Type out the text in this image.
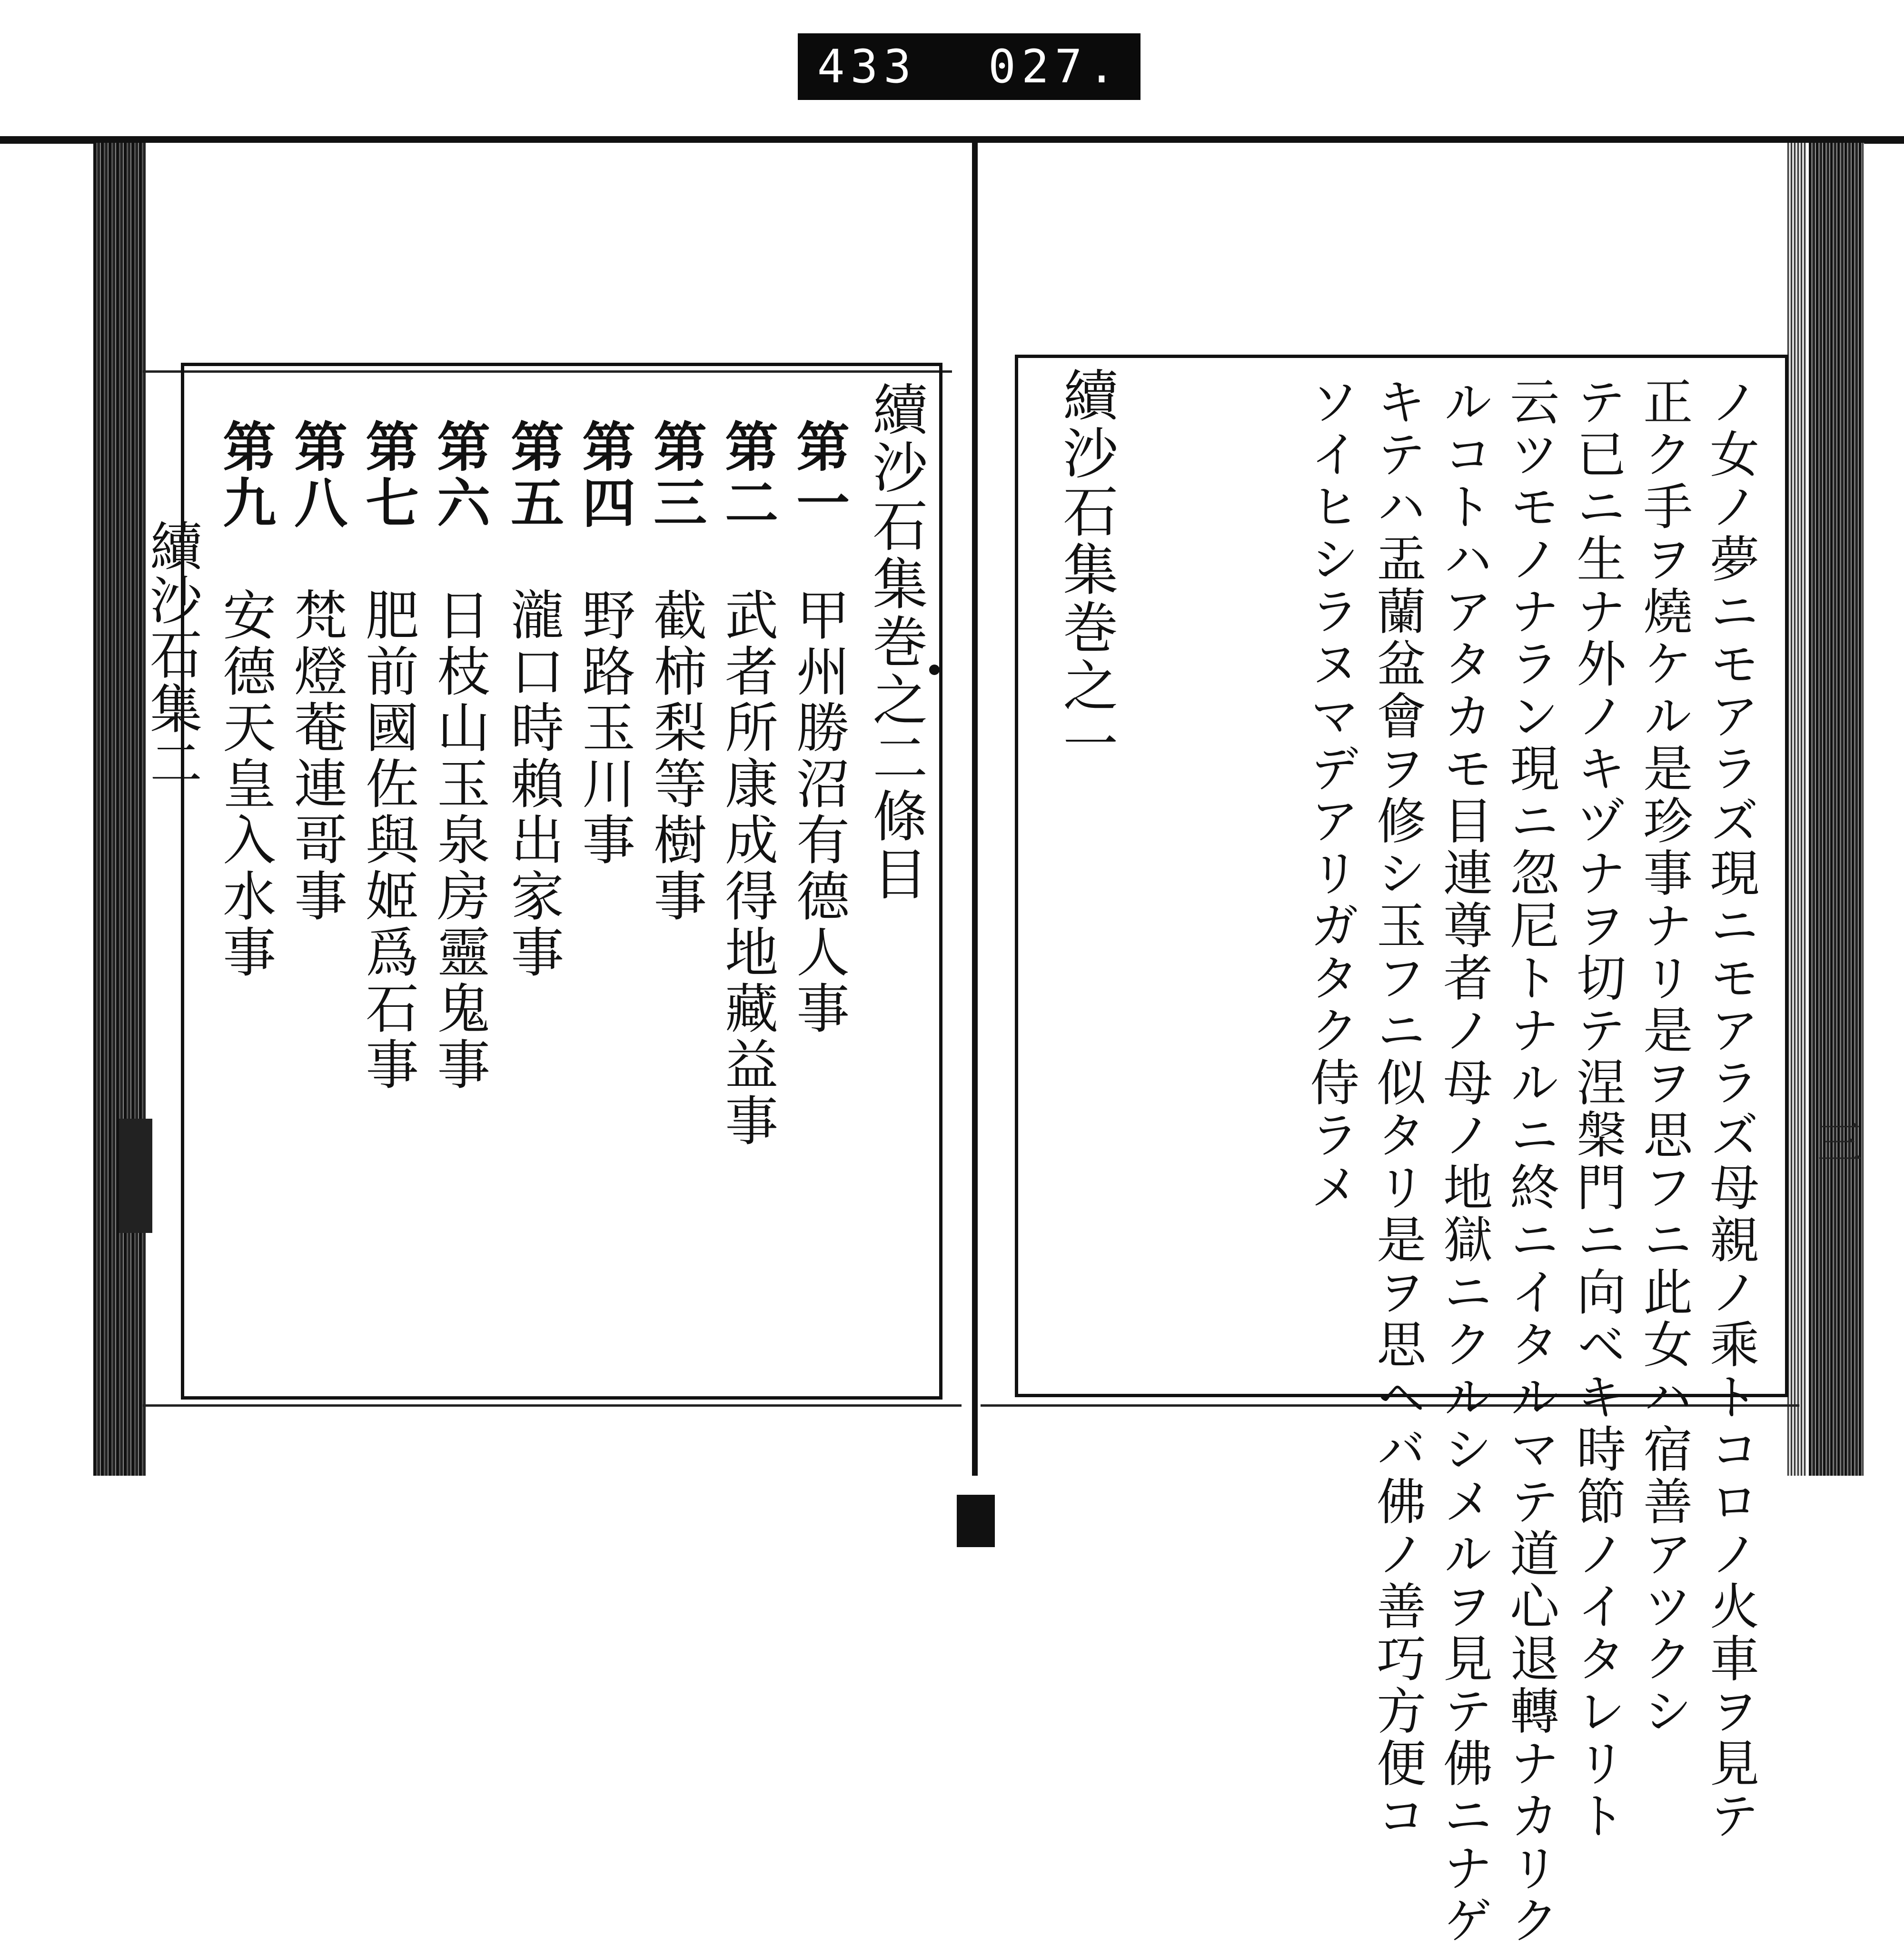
433 027.
續沙石集二
三
續沙石集巻之二條目
第一　甲州勝沼有德人事
第二　武者所康成得地藏益事
第三　截柿梨等樹事
第四　野路玉川事
第五　瀧口時賴出家事
第六　日枝山玉泉房靈鬼事
第七　肥前國佐與姬爲石事
第八　梵燈菴連哥事
第九　安德天皇入水事	ノ女ノ夢ニモアラズ現ニモアラズ母親ノ乘トコロノ火車ヲ見テ
正ク手ヲ燒ケル是珍事ナリ是ヲ思フニ此女ハ宿善アツクシ
テ已ニ生ナ外ノキヅナヲ切テ涅槃門ニ向ベキ時節ノイタレリト
云ツモノナラン現ニ忽尼トナルニ終ニイタルマテ道心退轉ナカリク
ルコトハアタカモ目連尊者ノ母ノ地獄ニクルシメルヲ見テ佛ニナゲ
キテハ盂蘭盆會ヲ修シ玉フニ似タリ是ヲ思ヘバ佛ノ善巧方便コ
ソイヒシラヌマデアリガタク侍ラメ
續沙石集巻之一
